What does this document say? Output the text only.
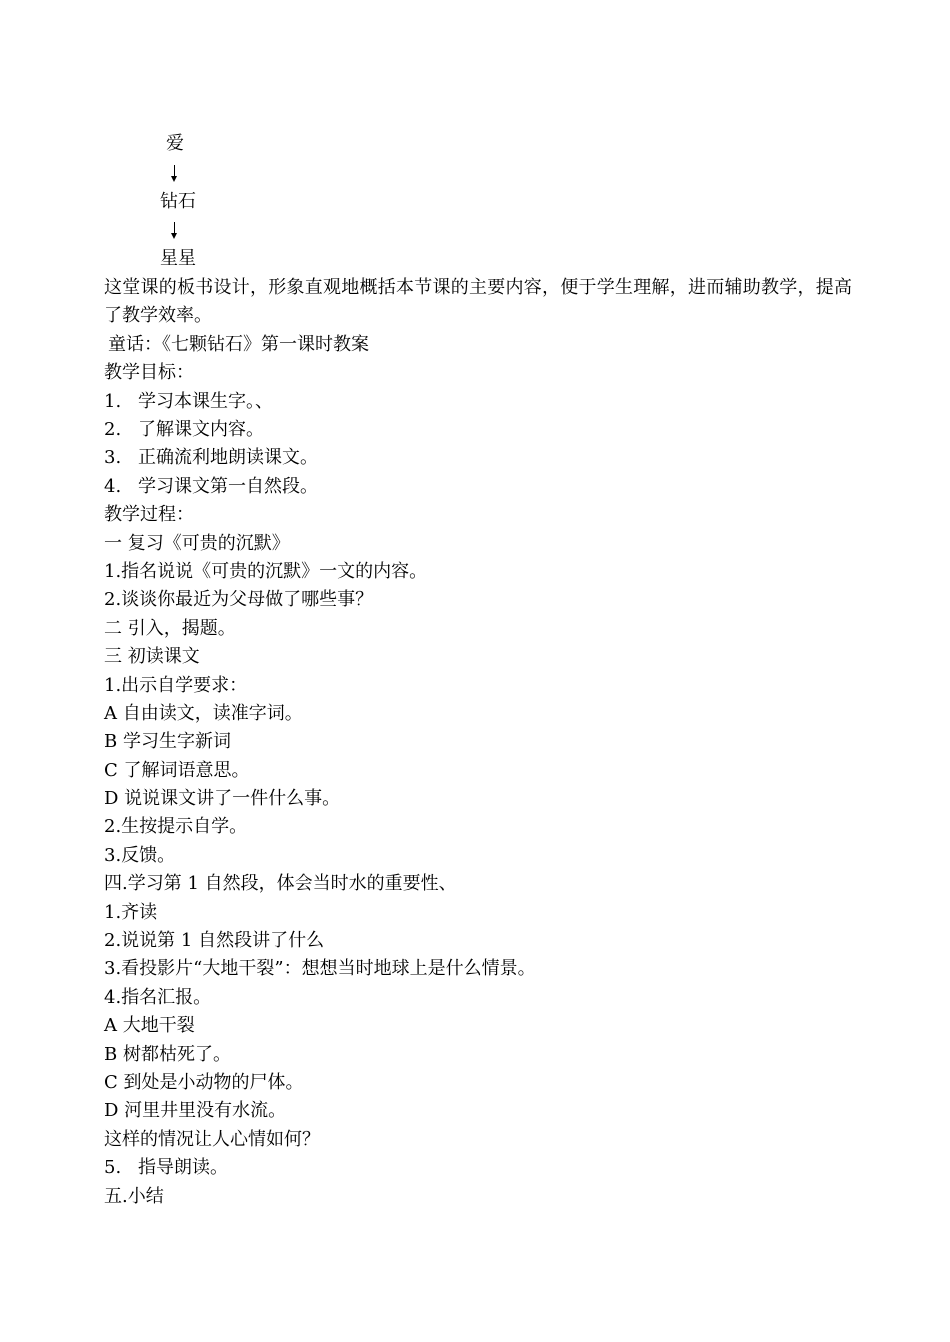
爱
钻石
星星
这堂课的板书设计，形象直观地概括本节课的主要内容，便于学生理解，进而辅助教学，提高了教学效率。
童话：《七颗钻石》第一课时教案
教学目标：
1. 学习本课生字。、
2. 了解课文内容。
3. 正确流利地朗读课文。
4. 学习课文第一自然段。
教学过程：
一 复习《可贵的沉默》
1.指名说说《可贵的沉默》一文的内容。
2.谈谈你最近为父母做了哪些事？
二 引入，揭题。
三 初读课文
1.出示自学要求：
A 自由读文，读准字词。
B 学习生字新词
C 了解词语意思。
D 说说课文讲了一件什么事。
2.生按提示自学。
3.反馈。
四.学习第 1 自然段，体会当时水的重要性、
1.齐读
2.说说第 1 自然段讲了什么
3.看投影片“大地干裂”：想想当时地球上是什么情景。
4.指名汇报。
A 大地干裂
B 树都枯死了。
C 到处是小动物的尸体。
D 河里井里没有水流。
这样的情况让人心情如何？
5. 指导朗读。
五.小结
